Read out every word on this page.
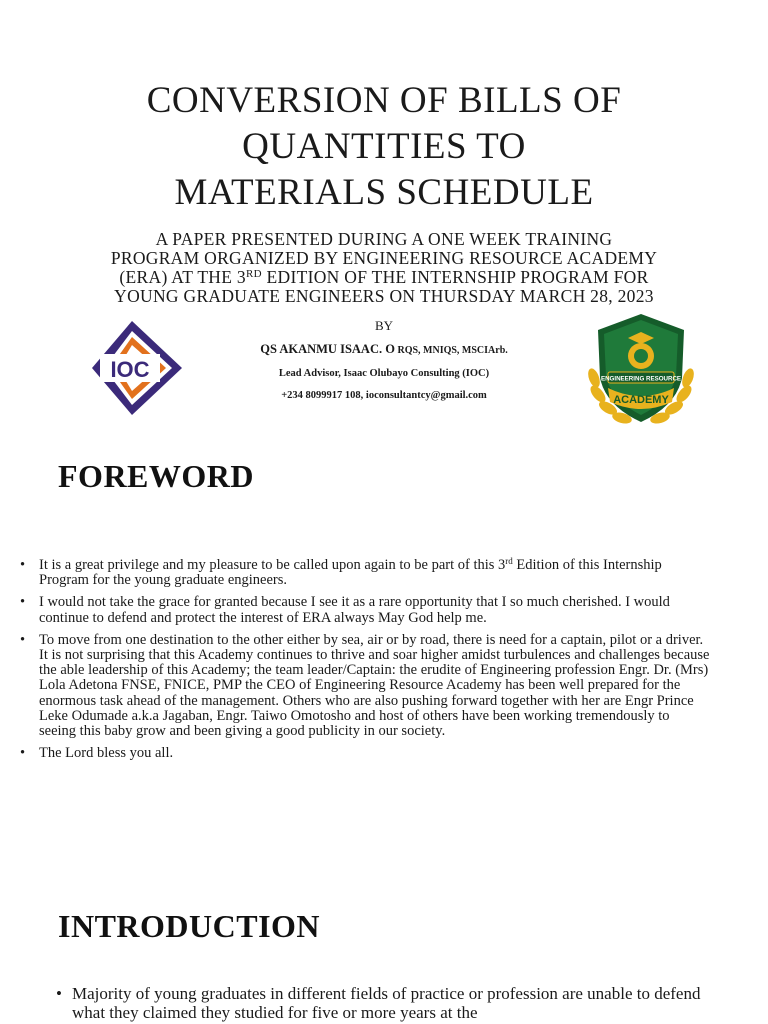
CONVERSION OF BILLS OF
QUANTITIES TO
MATERIALS SCHEDULE
A PAPER PRESENTED DURING A ONE WEEK TRAINING
PROGRAM ORGANIZED BY ENGINEERING RESOURCE ACADEMY
(ERA) AT THE 3RD EDITION OF THE INTERNSHIP PROGRAM FOR
YOUNG GRADUATE ENGINEERS ON THURSDAY MARCH 28, 2023
BY
QS AKANMU ISAAC. O RQS, MNIQS, MSCIArb.
Lead Advisor, Isaac Olubayo Consulting (IOC)
+234 8099917 108, ioconsultantcy@gmail.com
IOC	ENGINEERING RESOURCE
ACADEMY
FOREWORD
• It is a great privilege and my pleasure to be called upon again to be part of this 3rd Edition of this Internship Program for the young graduate engineers.
• I would not take the grace for granted because I see it as a rare opportunity that I so much cherished. I would continue to defend and protect the interest of ERA always May God help me.
• To move from one destination to the other either by sea, air or by road, there is need for a captain, pilot or a driver. It is not surprising that this Academy continues to thrive and soar higher amidst turbulences and challenges because the able leadership of this Academy; the team leader/Captain: the erudite of Engineering profession Engr. Dr. (Mrs) Lola Adetona FNSE, FNICE, PMP the CEO of Engineering Resource Academy has been well prepared for the enormous task ahead of the management. Others who are also pushing forward together with her are Engr Prince Leke Odumade a.k.a Jagaban, Engr. Taiwo Omotosho and host of others have been working tremendously to seeing this baby grow and been giving a good publicity in our society.
• The Lord bless you all.
INTRODUCTION
• Majority of young graduates in different fields of practice or profession are unable to defend what they claimed they studied for five or more years at the
